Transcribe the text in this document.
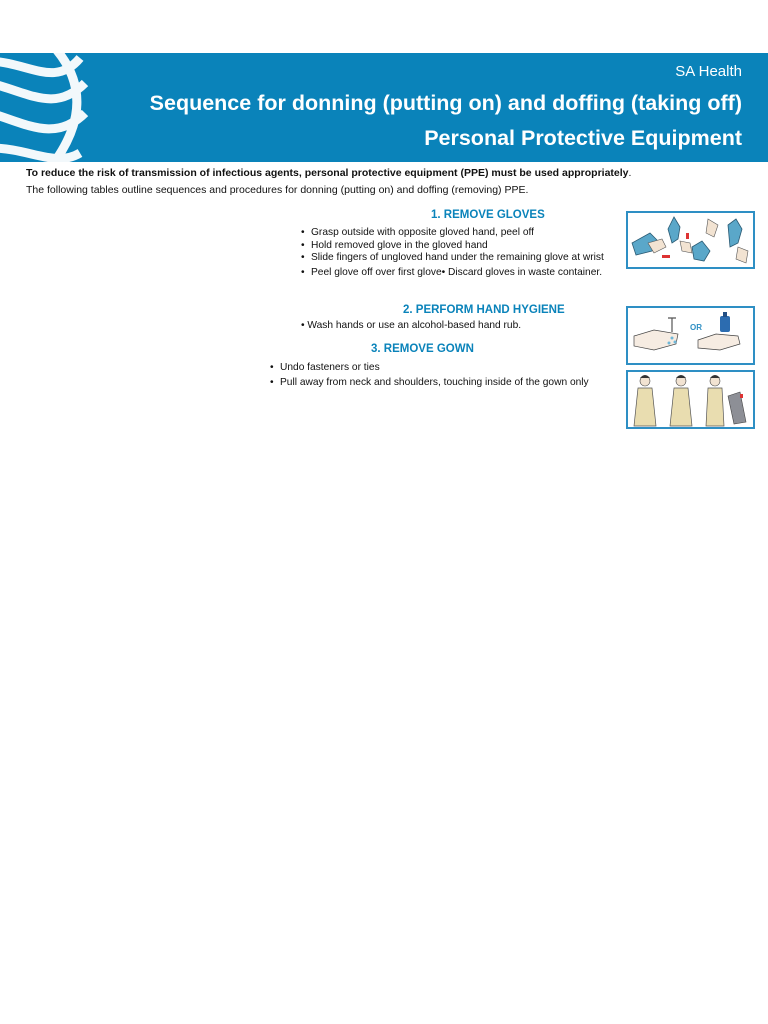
SA Health
Sequence for donning (putting on) and doffing (taking off)
Personal Protective Equipment
To reduce the risk of transmission of infectious agents, personal protective equipment (PPE) must be used appropriately.
The following tables outline sequences and procedures for donning (putting on) and doffing (removing) PPE.
1. REMOVE GLOVES
• Grasp outside with opposite gloved hand, peel off
• Hold removed glove in the gloved hand
• Slide fingers of ungloved hand under the remaining glove at wrist
• Peel glove off over first glove• Discard gloves in waste container.
2. PERFORM HAND HYGIENE
• Wash hands or use an alcohol-based hand rub.	OR
3. REMOVE GOWN
• Undo fasteners or ties
• Pull away from neck and shoulders, touching inside of the gown only
